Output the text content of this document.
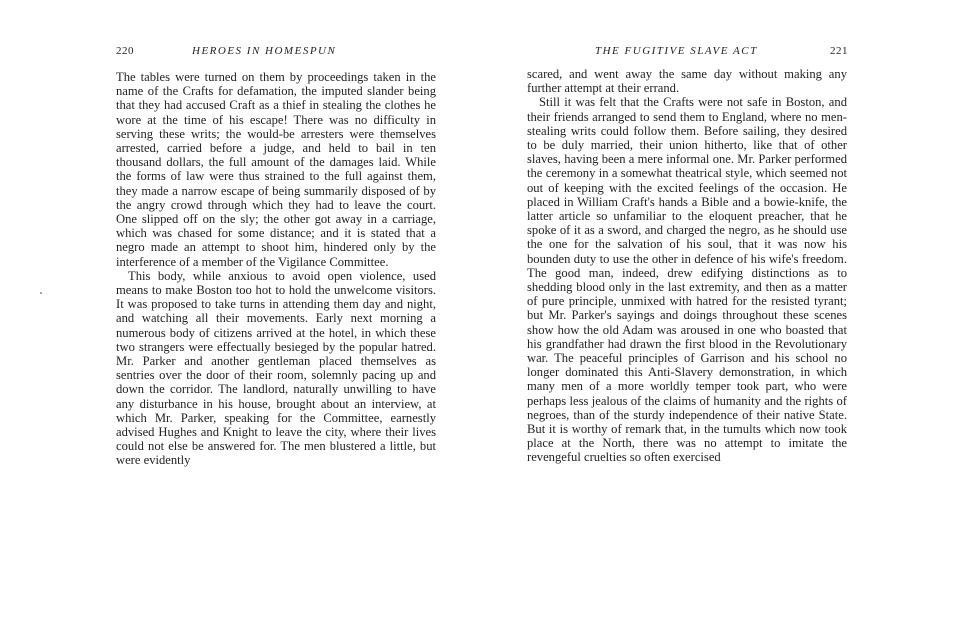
220	HEROES IN HOMESPUN

The tables were turned on them by proceedings taken in the name of the Crafts for defamation, the imputed slander being that they had accused Craft as a thief in stealing the clothes he wore at the time of his escape! There was no difficulty in serving these writs; the would-be arresters were themselves arrested, carried before a judge, and held to bail in ten thousand dollars, the full amount of the damages laid. While the forms of law were thus strained to the full against them, they made a narrow escape of being summarily disposed of by the angry crowd through which they had to leave the court. One slipped off on the sly; the other got away in a carriage, which was chased for some distance; and it is stated that a negro made an attempt to shoot him, hindered only by the interference of a member of the Vigilance Committee.

This body, while anxious to avoid open violence, used means to make Boston too hot to hold the unwelcome visitors. It was proposed to take turns in attending them day and night, and watching all their movements. Early next morning a numerous body of citizens arrived at the hotel, in which these two strangers were effectually besieged by the popular hatred. Mr. Parker and another gentleman placed themselves as sentries over the door of their room, solemnly pacing up and down the corridor. The landlord, naturally unwilling to have any disturbance in his house, brought about an interview, at which Mr. Parker, speaking for the Committee, earnestly advised Hughes and Knight to leave the city, where their lives could not else be answered for. The men blustered a little, but were evidently

THE FUGITIVE SLAVE ACT	221

scared, and went away the same day without making any further attempt at their errand.

Still it was felt that the Crafts were not safe in Boston, and their friends arranged to send them to England, where no men-stealing writs could follow them. Before sailing, they desired to be duly married, their union hitherto, like that of other slaves, having been a mere informal one. Mr. Parker performed the ceremony in a somewhat theatrical style, which seemed not out of keeping with the excited feelings of the occasion. He placed in William Craft's hands a Bible and a bowie-knife, the latter article so unfamiliar to the eloquent preacher, that he spoke of it as a sword, and charged the negro, as he should use the one for the salvation of his soul, that it was now his bounden duty to use the other in defence of his wife's freedom. The good man, indeed, drew edifying distinctions as to shedding blood only in the last extremity, and then as a matter of pure principle, unmixed with hatred for the resisted tyrant; but Mr. Parker's sayings and doings throughout these scenes show how the old Adam was aroused in one who boasted that his grandfather had drawn the first blood in the Revolutionary war. The peaceful principles of Garrison and his school no longer dominated this Anti-Slavery demonstration, in which many men of a more worldly temper took part, who were perhaps less jealous of the claims of humanity and the rights of negroes, than of the sturdy independence of their native State. But it is worthy of remark that, in the tumults which now took place at the North, there was no attempt to imitate the revengeful cruelties so often exercised
